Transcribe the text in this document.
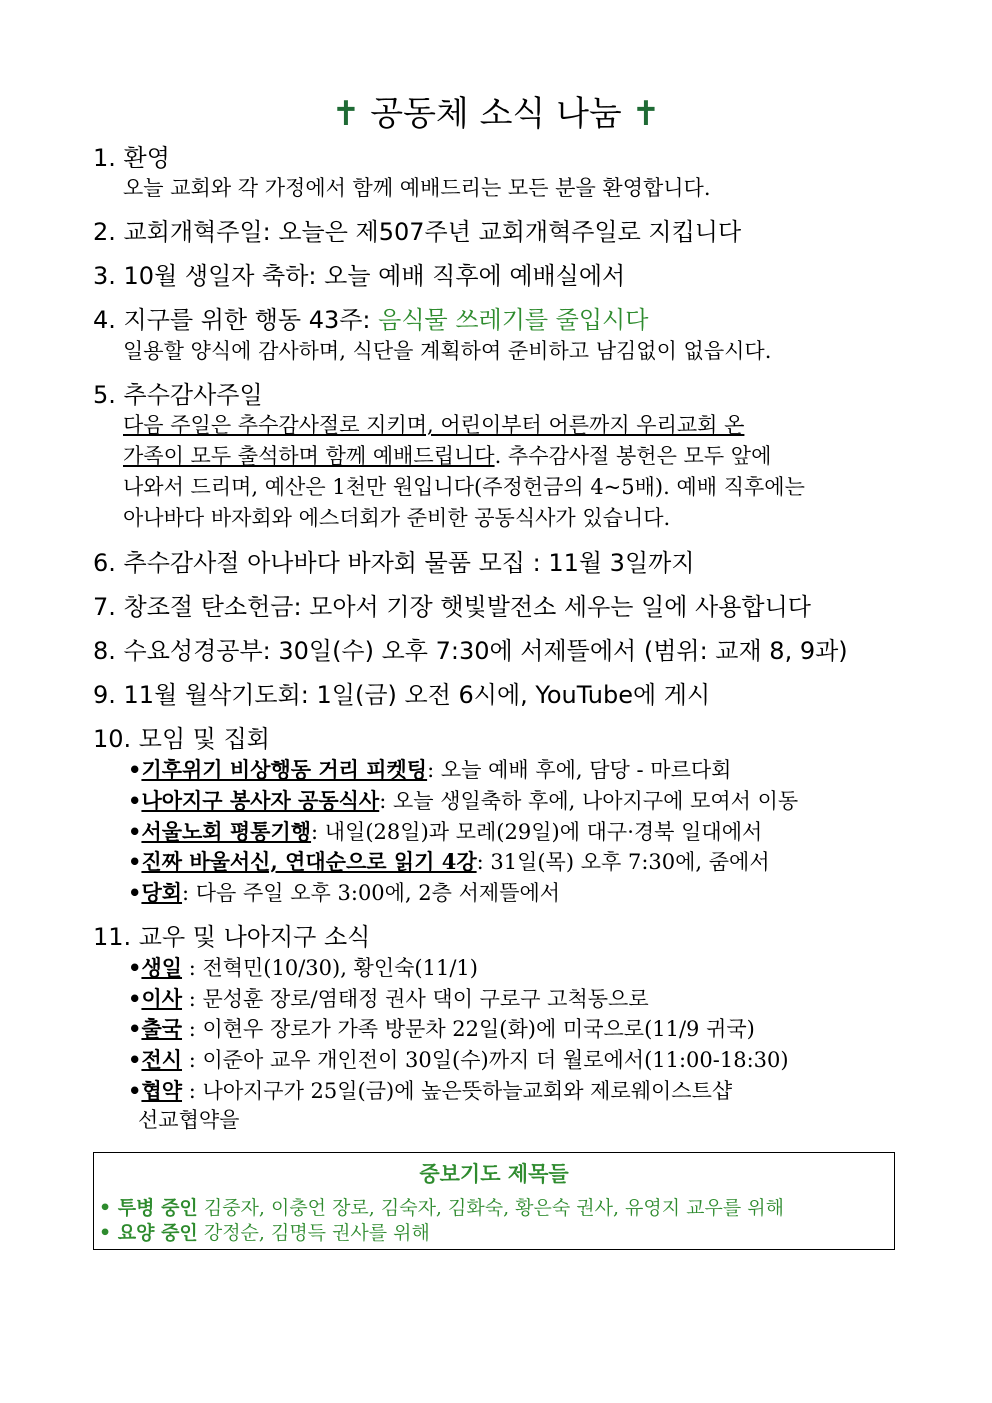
✝ 공동체 소식 나눔 ✝
1. 환영
오늘 교회와 각 가정에서 함께 예배드리는 모든 분을 환영합니다.
2. 교회개혁주일: 오늘은 제507주년 교회개혁주일로 지킵니다
3. 10월 생일자 축하: 오늘 예배 직후에 예배실에서
4. 지구를 위한 행동 43주: 음식물 쓰레기를 줄입시다
일용할 양식에 감사하며, 식단을 계획하여 준비하고 남김없이 없읍시다.
5. 추수감사주일
다음 주일은 추수감사절로 지키며, 어린이부터 어른까지 우리교회 온
가족이 모두 출석하며 함께 예배드립니다. 추수감사절 봉헌은 모두 앞에
나와서 드리며, 예산은 1천만 원입니다(주정헌금의 4~5배). 예배 직후에는
아나바다 바자회와 에스더회가 준비한 공동식사가 있습니다.
6. 추수감사절 아나바다 바자회 물품 모집 : 11월 3일까지
7. 창조절 탄소헌금: 모아서 기장 햇빛발전소 세우는 일에 사용합니다
8. 수요성경공부: 30일(수) 오후 7:30에 서제뜰에서 (범위: 교재 8, 9과)
9. 11월 월삭기도회: 1일(금) 오전 6시에, YouTube에 게시
10. 모임 및 집회
•기후위기 비상행동 거리 피켓팅: 오늘 예배 후에, 담당 - 마르다회
•나아지구 봉사자 공동식사: 오늘 생일축하 후에, 나아지구에 모여서 이동
•서울노회 평통기행: 내일(28일)과 모레(29일)에 대구·경북 일대에서
•진짜 바울서신, 연대순으로 읽기 4강: 31일(목) 오후 7:30에, 줌에서
•당회: 다음 주일 오후 3:00에, 2층 서제뜰에서
11. 교우 및 나아지구 소식
•생일 : 전혁민(10/30), 황인숙(11/1)
•이사 : 문성훈 장로/염태정 권사 댁이 구로구 고척동으로
•출국 : 이현우 장로가 가족 방문차 22일(화)에 미국으로(11/9 귀국)
•전시 : 이준아 교우 개인전이 30일(수)까지 더 월로에서(11:00-18:30)
•협약 : 나아지구가 25일(금)에 높은뜻하늘교회와 제로웨이스트샵
선교협약을
중보기도 제목들
• 투병 중인 김중자, 이충언 장로, 김숙자, 김화숙, 황은숙 권사, 유영지 교우를 위해
• 요양 중인 강정순, 김명득 권사를 위해
